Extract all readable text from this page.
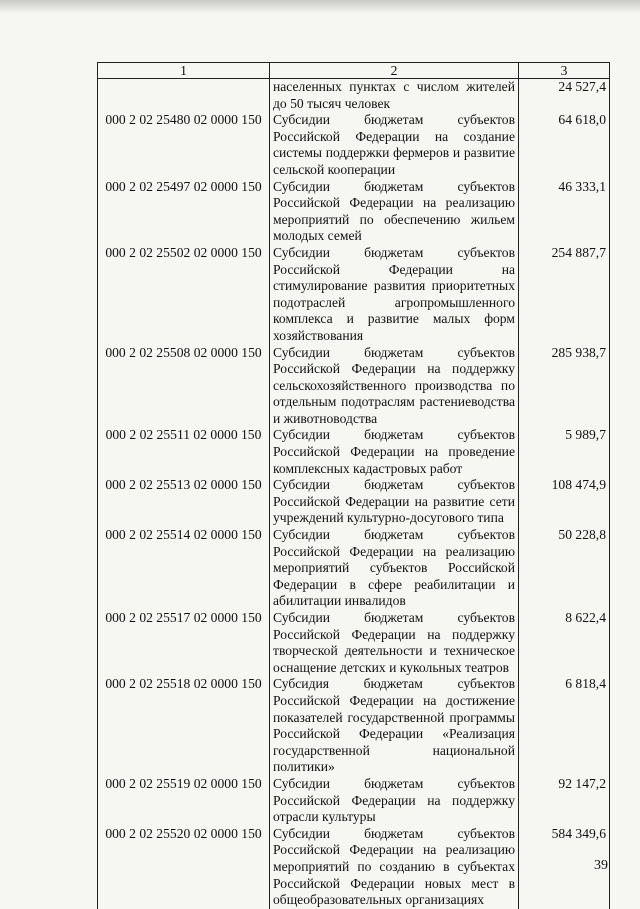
1	2	3
	населенных пунктах с числом жителей до 50 тысяч человек	24 527,4
000 2 02 25480 02 0000 150	Субсидии бюджетам субъектов Российской Федерации на создание системы поддержки фермеров и развитие сельской кооперации	64 618,0
000 2 02 25497 02 0000 150	Субсидии бюджетам субъектов Российской Федерации на реализацию мероприятий по обеспечению жильем молодых семей	46 333,1
000 2 02 25502 02 0000 150	Субсидии бюджетам субъектов Российской Федерации на стимулирование развития приоритетных подотраслей агропромышленного комплекса и развитие малых форм хозяйствования	254 887,7
000 2 02 25508 02 0000 150	Субсидии бюджетам субъектов Российской Федерации на поддержку сельскохозяйственного производства по отдельным подотраслям растениеводства и животноводства	285 938,7
000 2 02 25511 02 0000 150	Субсидии бюджетам субъектов Российской Федерации на проведение комплексных кадастровых работ	5 989,7
000 2 02 25513 02 0000 150	Субсидии бюджетам субъектов Российской Федерации на развитие сети учреждений культурно-досугового типа	108 474,9
000 2 02 25514 02 0000 150	Субсидии бюджетам субъектов Российской Федерации на реализацию мероприятий субъектов Российской Федерации в сфере реабилитации и абилитации инвалидов	50 228,8
000 2 02 25517 02 0000 150	Субсидии бюджетам субъектов Российской Федерации на поддержку творческой деятельности и техническое оснащение детских и кукольных театров	8 622,4
000 2 02 25518 02 0000 150	Субсидия бюджетам субъектов Российской Федерации на достижение показателей государственной программы Российской Федерации «Реализация государственной национальной политики»	6 818,4
000 2 02 25519 02 0000 150	Субсидии бюджетам субъектов Российской Федерации на поддержку отрасли культуры	92 147,2
000 2 02 25520 02 0000 150	Субсидии бюджетам субъектов Российской Федерации на реализацию мероприятий по созданию в субъектах Российской Федерации новых мест в общеобразовательных организациях	584 349,6
39
